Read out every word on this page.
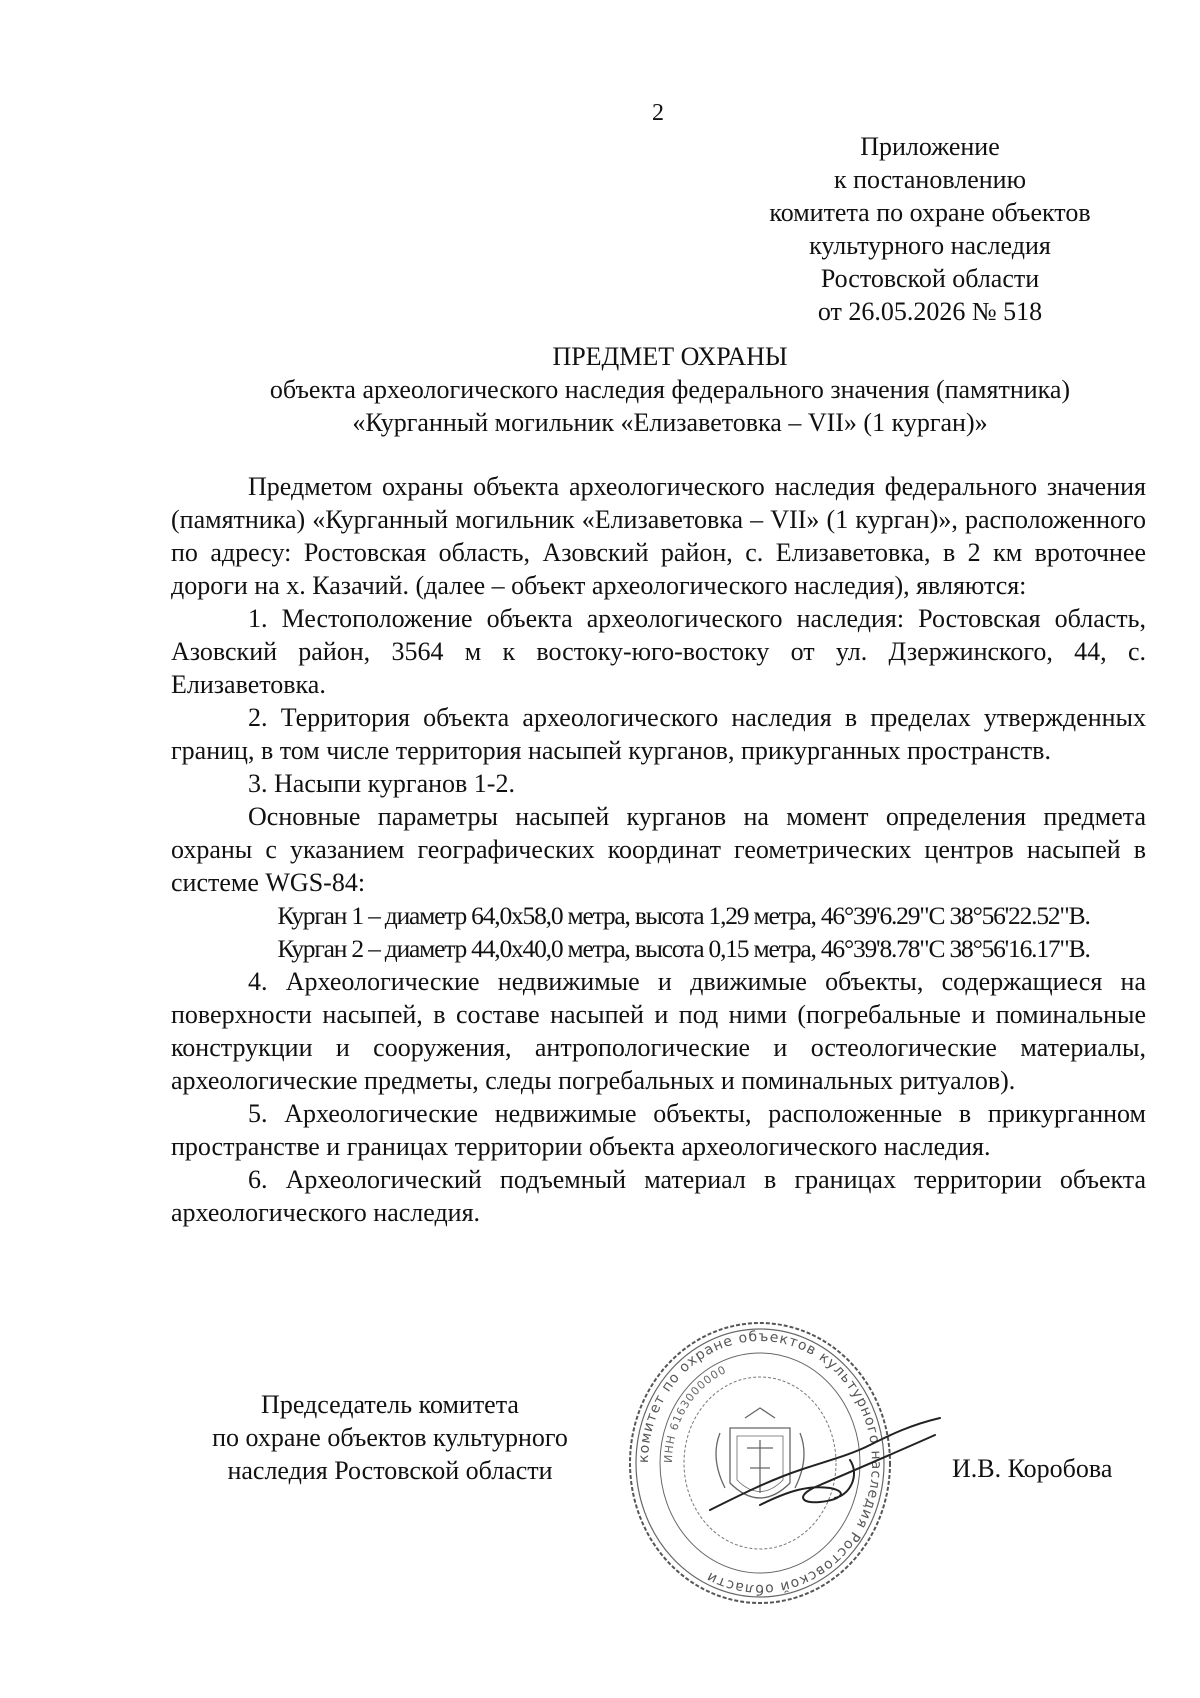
2
Приложение
к постановлению
комитета по охране объектов
культурного наследия
Ростовской области
от 26.05.2026 № 518
ПРЕДМЕТ ОХРАНЫ
объекта археологического наследия федерального значения (памятника)
«Курганный могильник «Елизаветовка – VII» (1 курган)»

Предметом охраны объекта археологического наследия федерального значения (памятника) «Курганный могильник «Елизаветовка – VII» (1 курган)», расположенного по адресу: Ростовская область, Азовский район, с. Елизаветовка, в 2 км вроточнее дороги на х. Казачий. (далее – объект археологического наследия), являются:

1. Местоположение объекта археологического наследия: Ростовская область, Азовский район, 3564 м к востоку-юго-востоку от ул. Дзержинского, 44, с. Елизаветовка.

2. Территория объекта археологического наследия в пределах утвержденных границ, в том числе территория насыпей курганов, прикурганных пространств.

3. Насыпи курганов 1-2.

Основные параметры насыпей курганов на момент определения предмета охраны с указанием географических координат геометрических центров насыпей в системе WGS-84:

Курган 1 – диаметр 64,0х58,0 метра, высота 1,29 метра, 46°39'6.29"С 38°56'22.52"В.

Курган 2 – диаметр 44,0х40,0 метра, высота 0,15 метра, 46°39'8.78"С 38°56'16.17"В.

4. Археологические недвижимые и движимые объекты, содержащиеся на поверхности насыпей, в составе насыпей и под ними (погребальные и поминальные конструкции и сооружения, антропологические и остеологические материалы, археологические предметы, следы погребальных и поминальных ритуалов).

5. Археологические недвижимые объекты, расположенные в прикурганном пространстве и границах территории объекта археологического наследия.

6. Археологический подъемный материал в границах территории объекта археологического наследия.

Председатель комитета
по охране объектов культурного
наследия Ростовской области	комитет по охране объектов культурного наследия Ростовской области
ИНН 6163000000
И.В. Коробова
